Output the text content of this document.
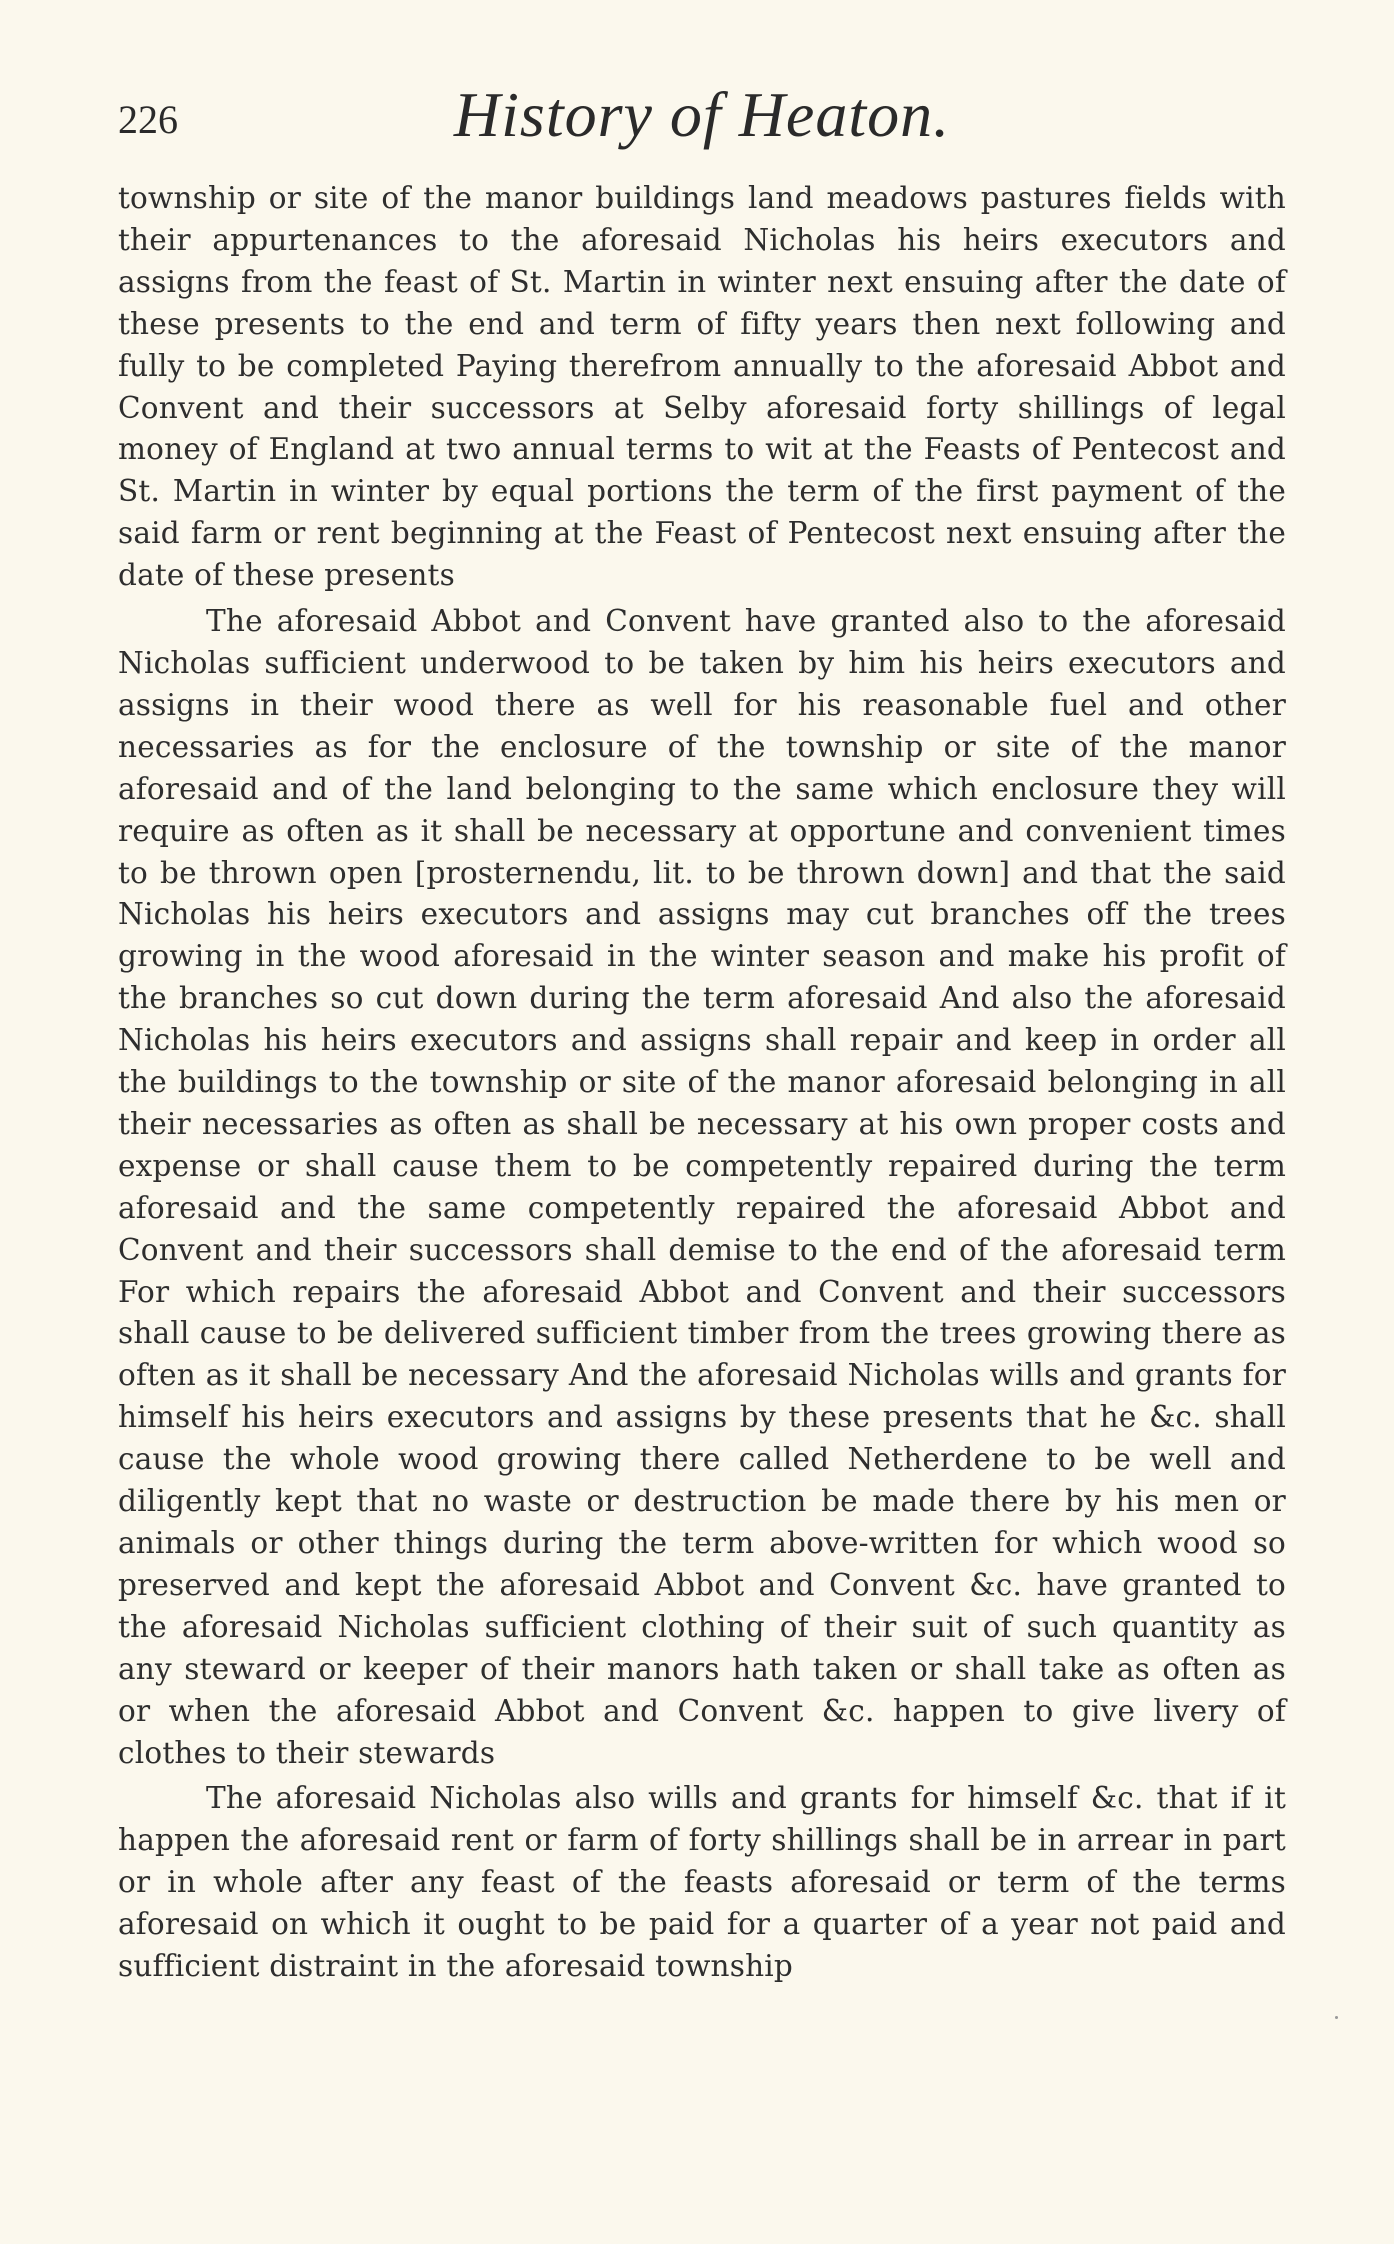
226	History of Heaton.

township or site of the manor buildings land meadows pastures fields with their appurtenances to the aforesaid Nicholas his heirs executors and assigns from the feast of St. Martin in winter next ensuing after the date of these presents to the end and term of fifty years then next following and fully to be completed Paying therefrom annually to the aforesaid Abbot and Convent and their successors at Selby aforesaid forty shillings of legal money of England at two annual terms to wit at the Feasts of Pentecost and St. Martin in winter by equal portions the term of the first payment of the said farm or rent beginning at the Feast of Pentecost next ensuing after the date of these presents

The aforesaid Abbot and Convent have granted also to the aforesaid Nicholas sufficient underwood to be taken by him his heirs executors and assigns in their wood there as well for his reasonable fuel and other necessaries as for the enclosure of the township or site of the manor aforesaid and of the land belonging to the same which enclosure they will require as often as it shall be necessary at opportune and convenient times to be thrown open [prosternendu, lit. to be thrown down] and that the said Nicholas his heirs executors and assigns may cut branches off the trees growing in the wood aforesaid in the winter season and make his profit of the branches so cut down during the term aforesaid And also the aforesaid Nicholas his heirs executors and assigns shall repair and keep in order all the buildings to the township or site of the manor aforesaid belonging in all their necessaries as often as shall be necessary at his own proper costs and expense or shall cause them to be competently repaired during the term aforesaid and the same competently repaired the aforesaid Abbot and Convent and their successors shall demise to the end of the aforesaid term For which repairs the aforesaid Abbot and Convent and their successors shall cause to be delivered sufficient timber from the trees growing there as often as it shall be necessary And the aforesaid Nicholas wills and grants for himself his heirs executors and assigns by these presents that he &c. shall cause the whole wood growing there called Netherdene to be well and diligently kept that no waste or destruction be made there by his men or animals or other things during the term above-written for which wood so preserved and kept the aforesaid Abbot and Convent &c. have granted to the aforesaid Nicholas sufficient clothing of their suit of such quantity as any steward or keeper of their manors hath taken or shall take as often as or when the aforesaid Abbot and Convent &c. happen to give livery of clothes to their stewards

The aforesaid Nicholas also wills and grants for himself &c. that if it happen the aforesaid rent or farm of forty shillings shall be in arrear in part or in whole after any feast of the feasts aforesaid or term of the terms aforesaid on which it ought to be paid for a quarter of a year not paid and sufficient distraint in the aforesaid township
